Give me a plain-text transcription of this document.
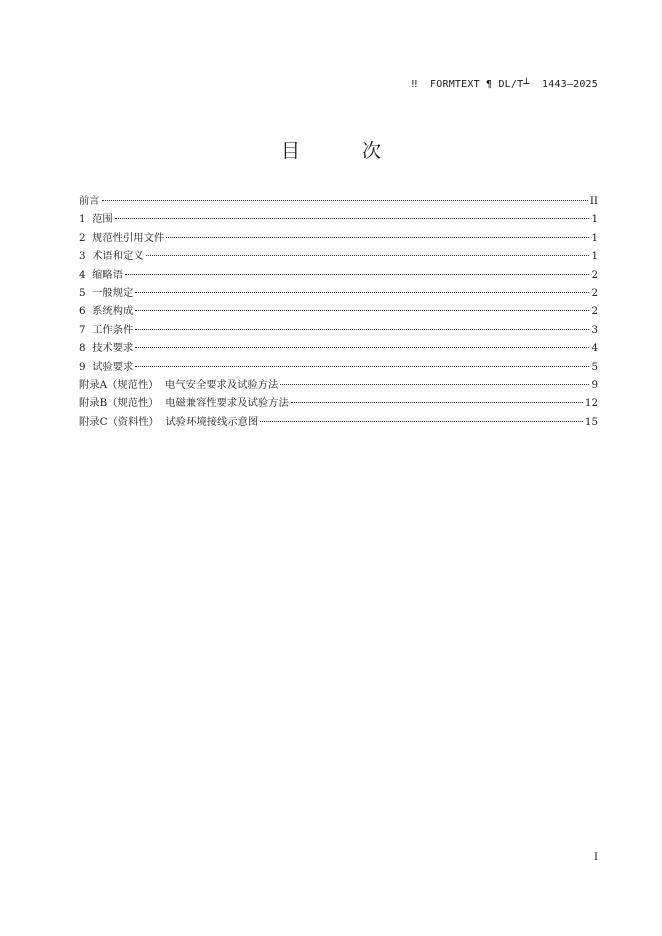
‼  FORMTEXT ¶ DL/T┴  1443—2025
目 次
前言	II
1  范围	1
2  规范性引用文件	1
3  术语和定义	1
4  缩略语	2
5  一般规定	2
6  系统构成	2
7  工作条件	3
8  技术要求	4
9  试验要求	5
附录A（规范性）  电气安全要求及试验方法	9
附录B（规范性）  电磁兼容性要求及试验方法	12
附录C（资料性）  试验环境接线示意图	15
I
